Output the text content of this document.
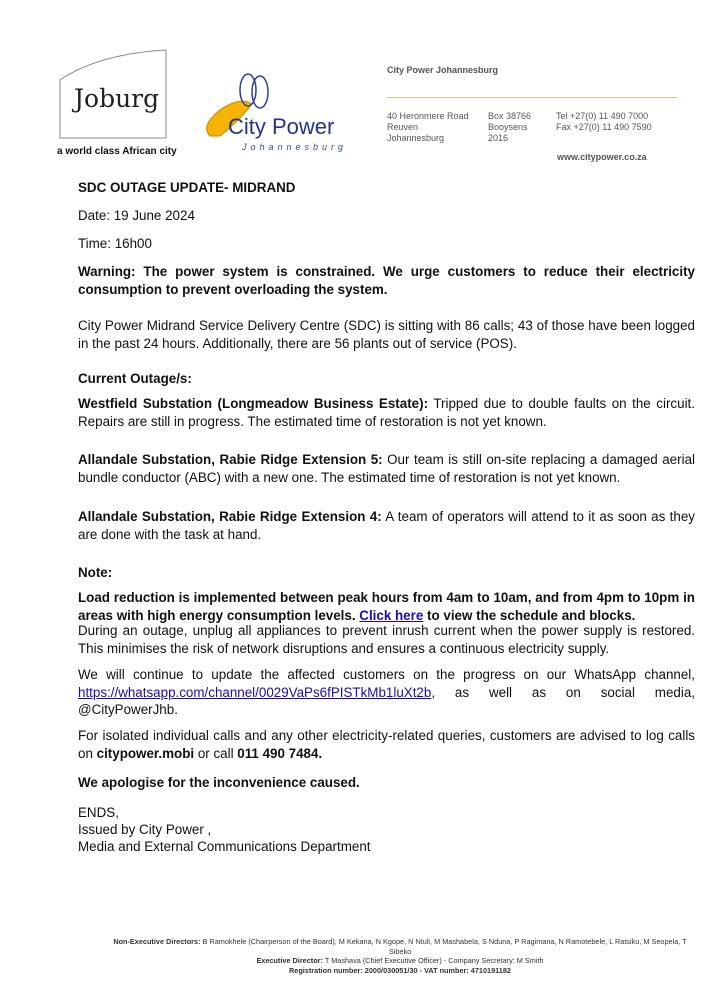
Joburg
a world class African city
City Power
Johannesburg
City Power Johannesburg
40 Heronmere Road
Reuven
Johannesburg
Box 38766
Booysens
2016
Tel +27(0) 11 490 7000
Fax +27(0) 11 490 7590
www.citypower.co.za
SDC OUTAGE UPDATE- MIDRAND
Date: 19 June 2024
Time: 16h00
Warning: The power system is constrained. We urge customers to reduce their electricity consumption to prevent overloading the system.
City Power Midrand Service Delivery Centre (SDC) is sitting with 86 calls; 43 of those have been logged in the past 24 hours. Additionally, there are 56 plants out of service (POS).
Current Outage/s:
Westfield Substation (Longmeadow Business Estate): Tripped due to double faults on the circuit. Repairs are still in progress. The estimated time of restoration is not yet known.
Allandale Substation, Rabie Ridge Extension 5: Our team is still on-site replacing a damaged aerial bundle conductor (ABC) with a new one. The estimated time of restoration is not yet known.
Allandale Substation, Rabie Ridge Extension 4: A team of operators will attend to it as soon as they are done with the task at hand.
Note:
Load reduction is implemented between peak hours from 4am to 10am, and from 4pm to 10pm in areas with high energy consumption levels. Click here to view the schedule and blocks.
During an outage, unplug all appliances to prevent inrush current when the power supply is restored. This minimises the risk of network disruptions and ensures a continuous electricity supply.
We will continue to update the affected customers on the progress on our WhatsApp channel, https://whatsapp.com/channel/0029VaPs6fPISTkMb1luXt2b, as well as on social media, @CityPowerJhb.
For isolated individual calls and any other electricity-related queries, customers are advised to log calls on citypower.mobi or call 011 490 7484.
We apologise for the inconvenience caused.
ENDS,
Issued by City Power ,
Media and External Communications Department
Non-Executive Directors: B Ramokhele (Chairperson of the Board), M Kekana, N Kgope, N Ntuli, M Mashabela, S Nduna, P Ragimana, N Ramotebele, L Ratsiku, M Seopela, T Sibeko
Executive Director: T Mashava (Chief Executive Officer) - Company Secretary: M Smith
Registration number: 2000/030051/30 - VAT number: 4710191182
